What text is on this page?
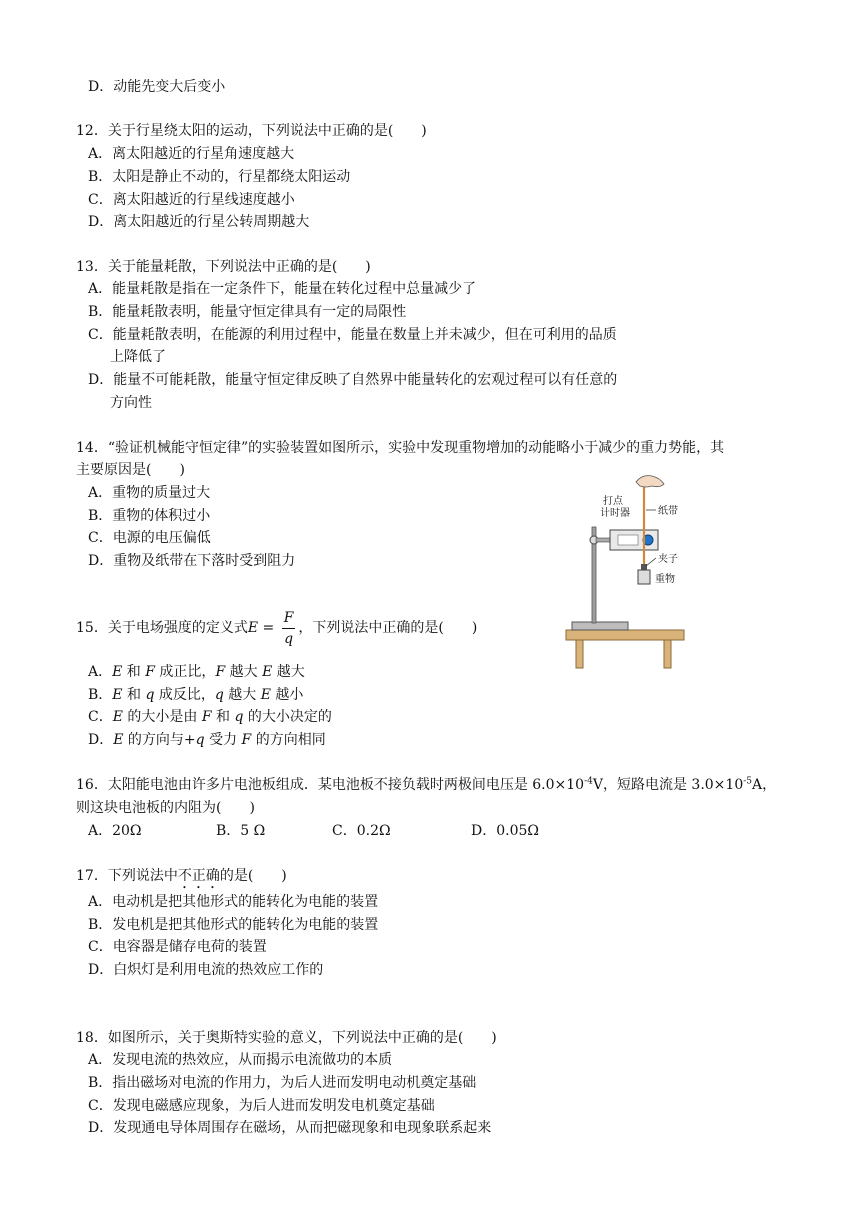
D．动能先变大后变小
12．关于行星绕太阳的运动，下列说法中正确的是(　　)
A．离太阳越近的行星角速度越大
B．太阳是静止不动的，行星都绕太阳运动
C．离太阳越近的行星线速度越小
D．离太阳越近的行星公转周期越大
13．关于能量耗散，下列说法中正确的是(　　)
A．能量耗散是指在一定条件下，能量在转化过程中总量减少了
B．能量耗散表明，能量守恒定律具有一定的局限性
C．能量耗散表明，在能源的利用过程中，能量在数量上并未减少，但在可利用的品质
上降低了
D．能量不可能耗散，能量守恒定律反映了自然界中能量转化的宏观过程可以有任意的
方向性
14．“验证机械能守恒定律”的实验装置如图所示，实验中发现重物增加的动能略小于减少的重力势能，其
主要原因是(　　)
A．重物的质量过大
B．重物的体积过小
C．电源的电压偏低
D．重物及纸带在下落时受到阻力
打点
计时器	纸带
夹子
重物
15．关于电场强度的定义式$E = \frac{F}{q}$ ，下列说法中正确的是(　　)
A．E 和 F 成正比，F 越大 E 越大
B．E 和 q 成反比，q 越大 E 越小
C．E 的大小是由 F 和 q 的大小决定的
D．E 的方向与+q 受力 F 的方向相同
16．太阳能电池由许多片电池板组成．某电池板不接负载时两极间电压是 $6.0\times 10^{-4}V$，短路电流是 $3.0\times 10^{-5}A$，
则这块电池板的内阻为(　　)
A．20Ω	B．5 Ω	C．0.2Ω	D．0.05Ω
17．下列说法中不正确的是(　　)
A．电动机是把其他形式的能转化为电能的装置
B．发电机是把其他形式的能转化为电能的装置
C．电容器是储存电荷的装置
D．白炽灯是利用电流的热效应工作的
18．如图所示，关于奥斯特实验的意义，下列说法中正确的是(　　)
A．发现电流的热效应，从而揭示电流做功的本质
B．指出磁场对电流的作用力，为后人进而发明电动机奠定基础
C．发现电磁感应现象，为后人进而发明发电机奠定基础
D．发现通电导体周围存在磁场，从而把磁现象和电现象联系起来
